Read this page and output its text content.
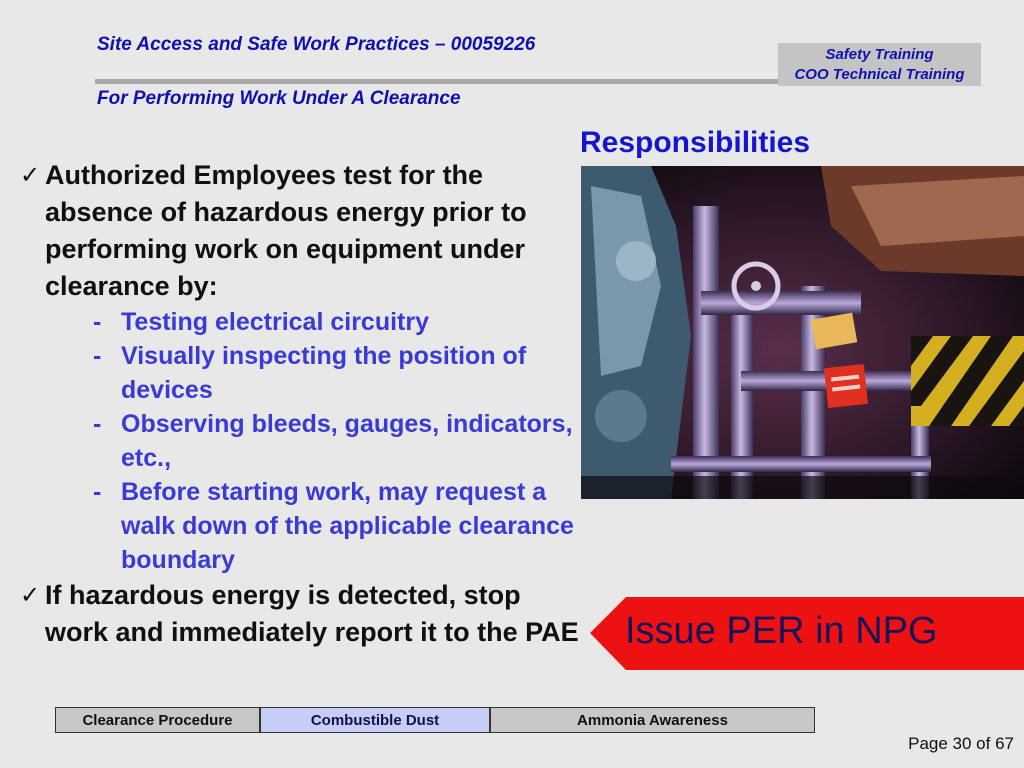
Site Access and Safe Work Practices – 00059226
For Performing Work Under A Clearance
Safety Training
COO Technical Training
Responsibilities
✓ Authorized Employees test for the absence of hazardous energy prior to performing work on equipment under clearance by:
- Testing electrical circuitry
- Visually inspecting the position of devices
- Observing bleeds, gauges, indicators, etc.,
- Before starting work, may request a walk down of the applicable clearance boundary
✓ If hazardous energy is detected, stop work and immediately report it to the PAE Issue PER in NPG
Clearance Procedure	Combustible Dust	Ammonia Awareness
Page 30 of 67
